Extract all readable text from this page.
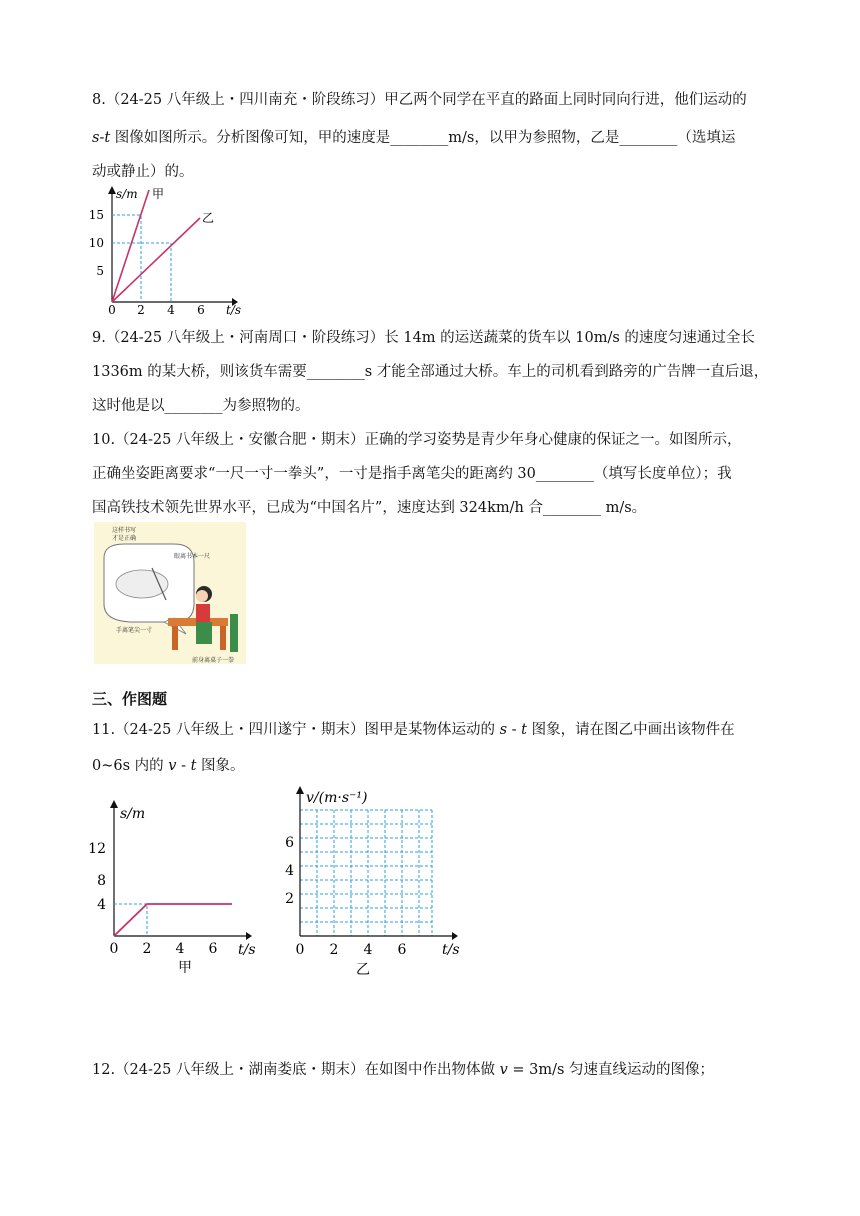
8.（24-25 八年级上・四川南充・阶段练习）甲乙两个同学在平直的路面上同时同向行进，他们运动的
s-t 图像如图所示。分析图像可知，甲的速度是________m/s，以甲为参照物，乙是________（选填运
动或静止）的。
15
10
5
0 2 4 6
s/m
t/s
甲
乙
9.（24-25 八年级上・河南周口・阶段练习）长 14m 的运送蔬菜的货车以 10m/s 的速度匀速通过全长
1336m 的某大桥，则该货车需要________s 才能全部通过大桥。车上的司机看到路旁的广告牌一直后退，
这时他是以________为参照物的。
10.（24-25 八年级上・安徽合肥・期末）正确的学习姿势是青少年身心健康的保证之一。如图所示，
正确坐姿距离要求“一尺一寸一拳头”，一寸是指手离笔尖的距离约 30________（填写长度单位）；我
国高铁技术领先世界水平，已成为“中国名片”，速度达到 324km/h 合________ m/s。
这样书写
才是正确
眼离书本一尺
手离笔尖一寸
前身离桌子一拳
三、作图题
11.（24-25 八年级上・四川遂宁・期末）图甲是某物体运动的 s - t 图象，请在图乙中画出该物件在
0~6s 内的 v - t 图象。
12
8
4
0 2 4 6
s/m
t/s
甲
6
4
2
0 2 4 6
v/(m·s⁻¹)
t/s
乙
12.（24-25 八年级上・湖南娄底・期末）在如图中作出物体做 v = 3m/s 匀速直线运动的图像；
